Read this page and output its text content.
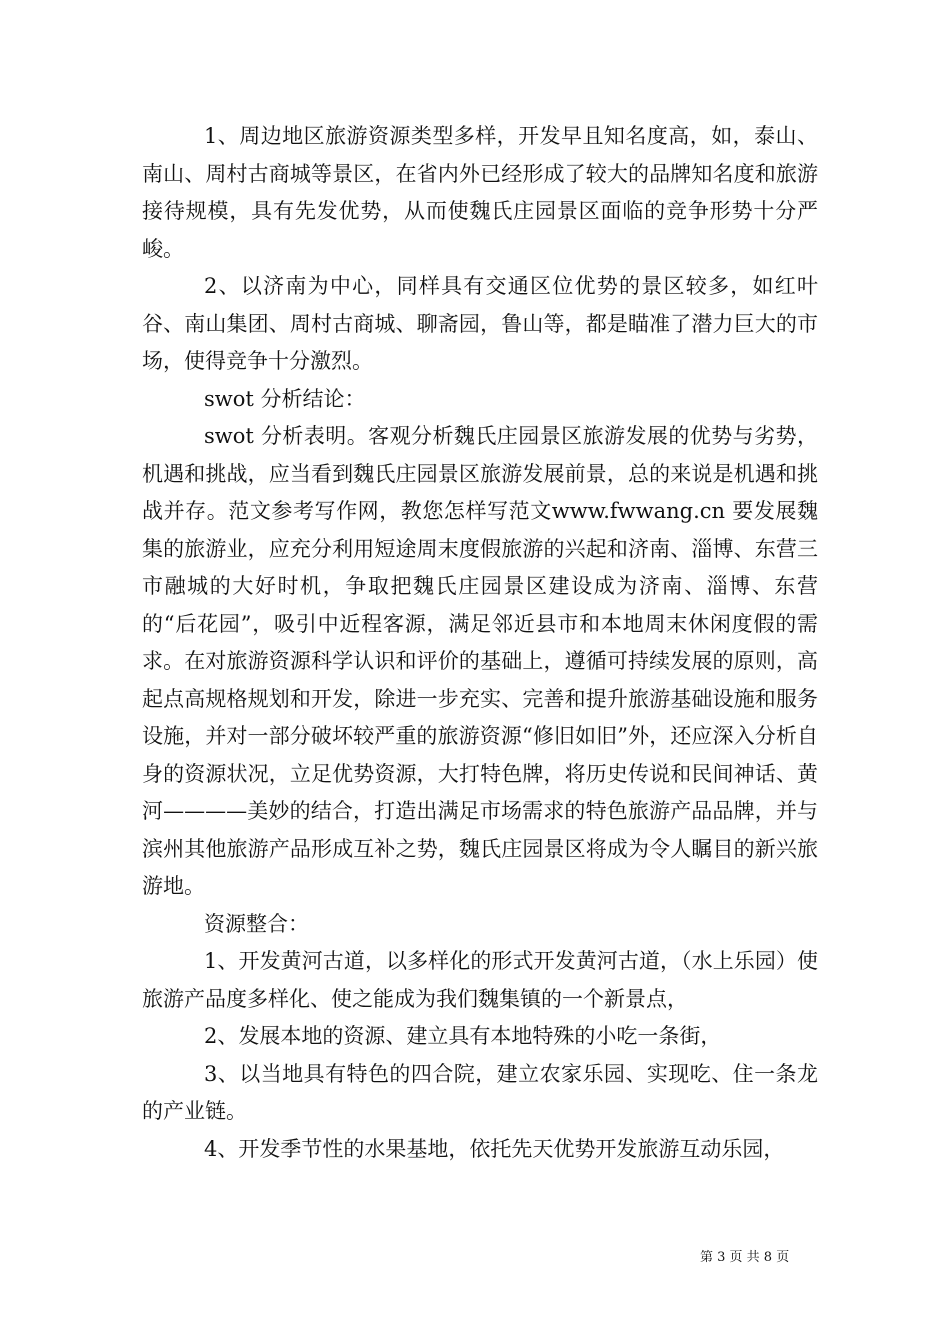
1、周边地区旅游资源类型多样，开发早且知名度高，如，泰山、南山、周村古商城等景区，在省内外已经形成了较大的品牌知名度和旅游接待规模，具有先发优势，从而使魏氏庄园景区面临的竞争形势十分严峻。

2、以济南为中心，同样具有交通区位优势的景区较多，如红叶谷、南山集团、周村古商城、聊斋园，鲁山等，都是瞄准了潜力巨大的市场，使得竞争十分激烈。

swot 分析结论：

swot 分析表明。客观分析魏氏庄园景区旅游发展的优势与劣势，机遇和挑战，应当看到魏氏庄园景区旅游发展前景，总的来说是机遇和挑战并存。范文参考写作网，教您怎样写范文www.fwwang.cn 要发展魏集的旅游业，应充分利用短途周末度假旅游的兴起和济南、淄博、东营三市融城的大好时机，争取把魏氏庄园景区建设成为济南、淄博、东营的“后花园”，吸引中近程客源，满足邻近县市和本地周末休闲度假的需求。在对旅游资源科学认识和评价的基础上，遵循可持续发展的原则，高起点高规格规划和开发，除进一步充实、完善和提升旅游基础设施和服务设施，并对一部分破坏较严重的旅游资源“修旧如旧”外，还应深入分析自身的资源状况，立足优势资源，大打特色牌，将历史传说和民间神话、黄河————美妙的结合，打造出满足市场需求的特色旅游产品品牌，并与滨州其他旅游产品形成互补之势，魏氏庄园景区将成为令人瞩目的新兴旅游地。

资源整合：

1、开发黄河古道，以多样化的形式开发黄河古道，（水上乐园）使旅游产品度多样化、使之能成为我们魏集镇的一个新景点，

2、发展本地的资源、建立具有本地特殊的小吃一条街，

3、以当地具有特色的四合院，建立农家乐园、实现吃、住一条龙的产业链。

4、开发季节性的水果基地，依托先天优势开发旅游互动乐园，

第 3 页 共 8 页
